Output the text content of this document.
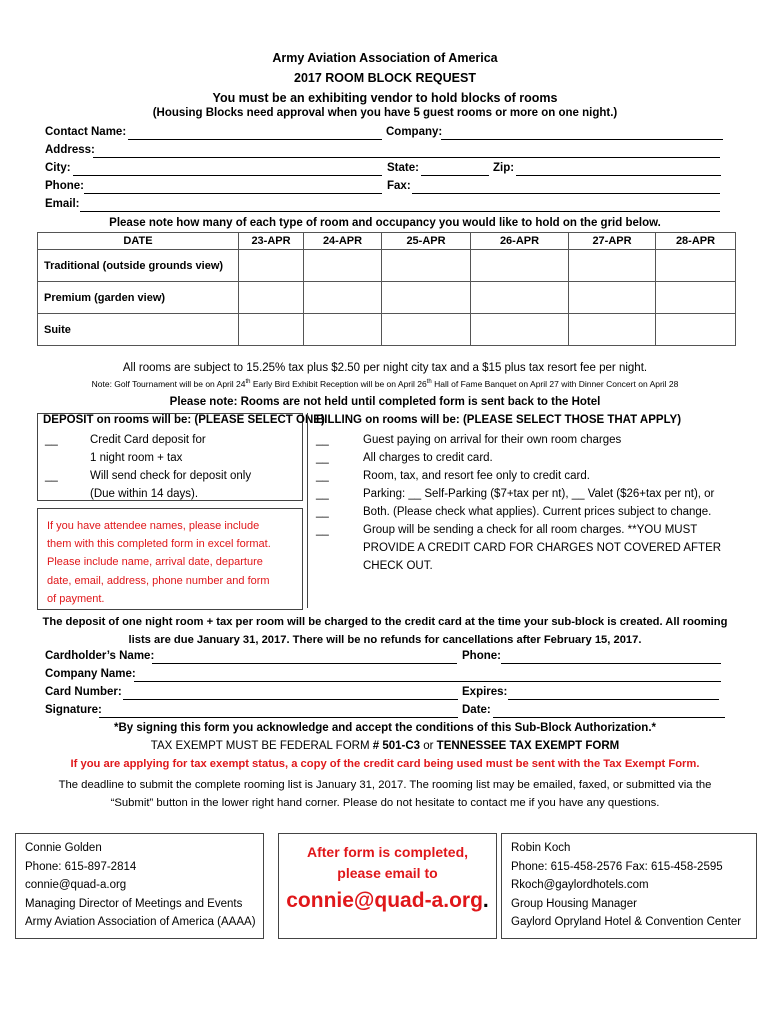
Army Aviation Association of America
2017 ROOM BLOCK REQUEST
You must be an exhibiting vendor to hold blocks of rooms
(Housing Blocks need approval when you have 5 guest rooms or more on one night.)
Contact Name:	Company:
Address:
City:	State:	Zip:
Phone:	Fax:
Email:
Please note how many of each type of room and occupancy you would like to hold on the grid below.
DATE	23-APR	24-APR	25-APR	26-APR	27-APR	28-APR
Traditional (outside grounds view)						
Premium (garden view)						
Suite						
All rooms are subject to 15.25% tax plus $2.50 per night city tax and a $15 plus tax resort fee per night.
Note: Golf Tournament will be on April 24th Early Bird Exhibit Reception will be on April 26th Hall of Fame Banquet on April 27 with Dinner Concert on April 28
Please note: Rooms are not held until completed form is sent back to the Hotel
DEPOSIT on rooms will be: (PLEASE SELECT ONE)
__	Credit Card deposit for
1 night room + tax
__	Will send check for deposit only
(Due within 14 days).
If you have attendee names, please include
them with this completed form in excel format.
Please include name, arrival date, departure
date, email, address, phone number and form
of payment.
BILLING on rooms will be: (PLEASE SELECT THOSE THAT APPLY)
__	Guest paying on arrival for their own room charges
__	All charges to credit card.
__	Room, tax, and resort fee only to credit card.
__	Parking: __ Self-Parking ($7+tax per nt), __ Valet ($26+tax per nt), or
__	Both. (Please check what applies). Current prices subject to change.
__	Group will be sending a check for all room charges. **YOU MUST
PROVIDE A CREDIT CARD FOR CHARGES NOT COVERED AFTER
CHECK OUT.
The deposit of one night room + tax per room will be charged to the credit card at the time your sub-block is created. All rooming
lists are due January 31, 2017. There will be no refunds for cancellations after February 15, 2017.
Cardholder’s Name:	Phone:
Company Name:
Card Number:	Expires:
Signature:	Date:
*By signing this form you acknowledge and accept the conditions of this Sub-Block Authorization.*
TAX EXEMPT MUST BE FEDERAL FORM # 501-C3 or TENNESSEE TAX EXEMPT FORM
If you are applying for tax exempt status, a copy of the credit card being used must be sent with the Tax Exempt Form.
The deadline to submit the complete rooming list is January 31, 2017. The rooming list may be emailed, faxed, or submitted via the
“Submit” button in the lower right hand corner. Please do not hesitate to contact me if you have any questions.
Connie Golden
Phone: 615-897-2814
connie@quad-a.org
Managing Director of Meetings and Events
Army Aviation Association of America (AAAA)
After form is completed,
please email to
connie@quad-a.org.
Robin Koch
Phone: 615-458-2576 Fax: 615-458-2595
Rkoch@gaylordhotels.com
Group Housing Manager
Gaylord Opryland Hotel & Convention Center
